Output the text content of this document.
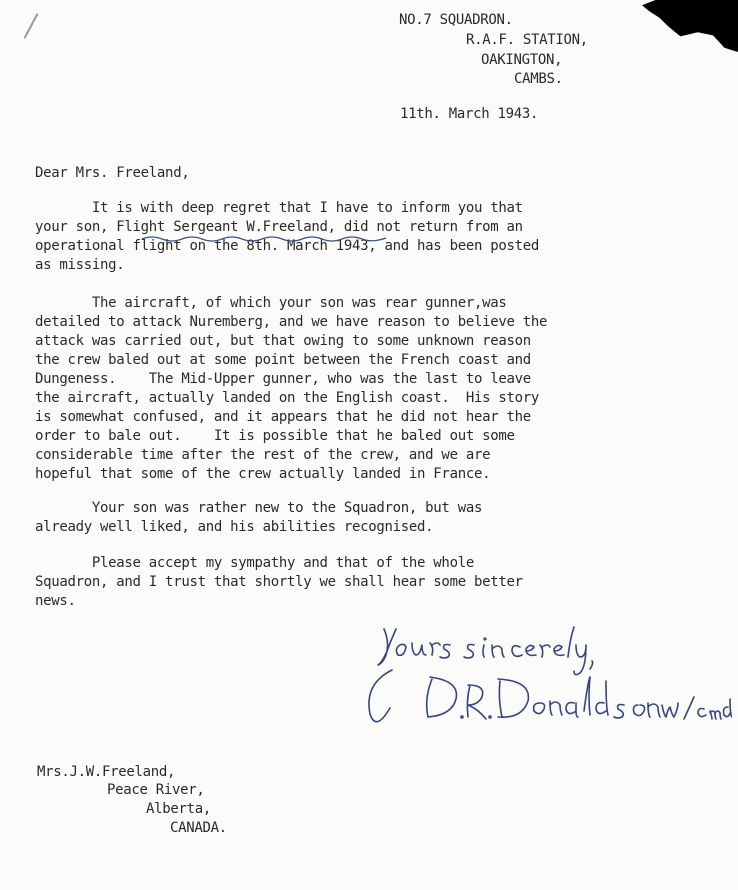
NO.7 SQUADRON.

R.A.F. STATION,

OAKINGTON,

CAMBS.

11th. March 1943.

Dear Mrs. Freeland,

It is with deep regret that I have to inform you that

your son, Flight Sergeant W.Freeland, did not return from an

operational flight on the 8th. March 1943, and has been posted

as missing.

The aircraft, of which your son was rear gunner,was

detailed to attack Nuremberg, and we have reason to believe the

attack was carried out, but that owing to some unknown reason

the crew baled out at some point between the French coast and

Dungeness.    The Mid-Upper gunner, who was the last to leave

the aircraft, actually landed on the English coast.  His story

is somewhat confused, and it appears that he did not hear the

order to bale out.    It is possible that he baled out some

considerable time after the rest of the crew, and we are

hopeful that some of the crew actually landed in France.

Your son was rather new to the Squadron, but was

already well liked, and his abilities recognised.

Please accept my sympathy and that of the whole

Squadron, and I trust that shortly we shall hear some better

news.

Mrs.J.W.Freeland,

Peace River,

Alberta,

CANADA.
